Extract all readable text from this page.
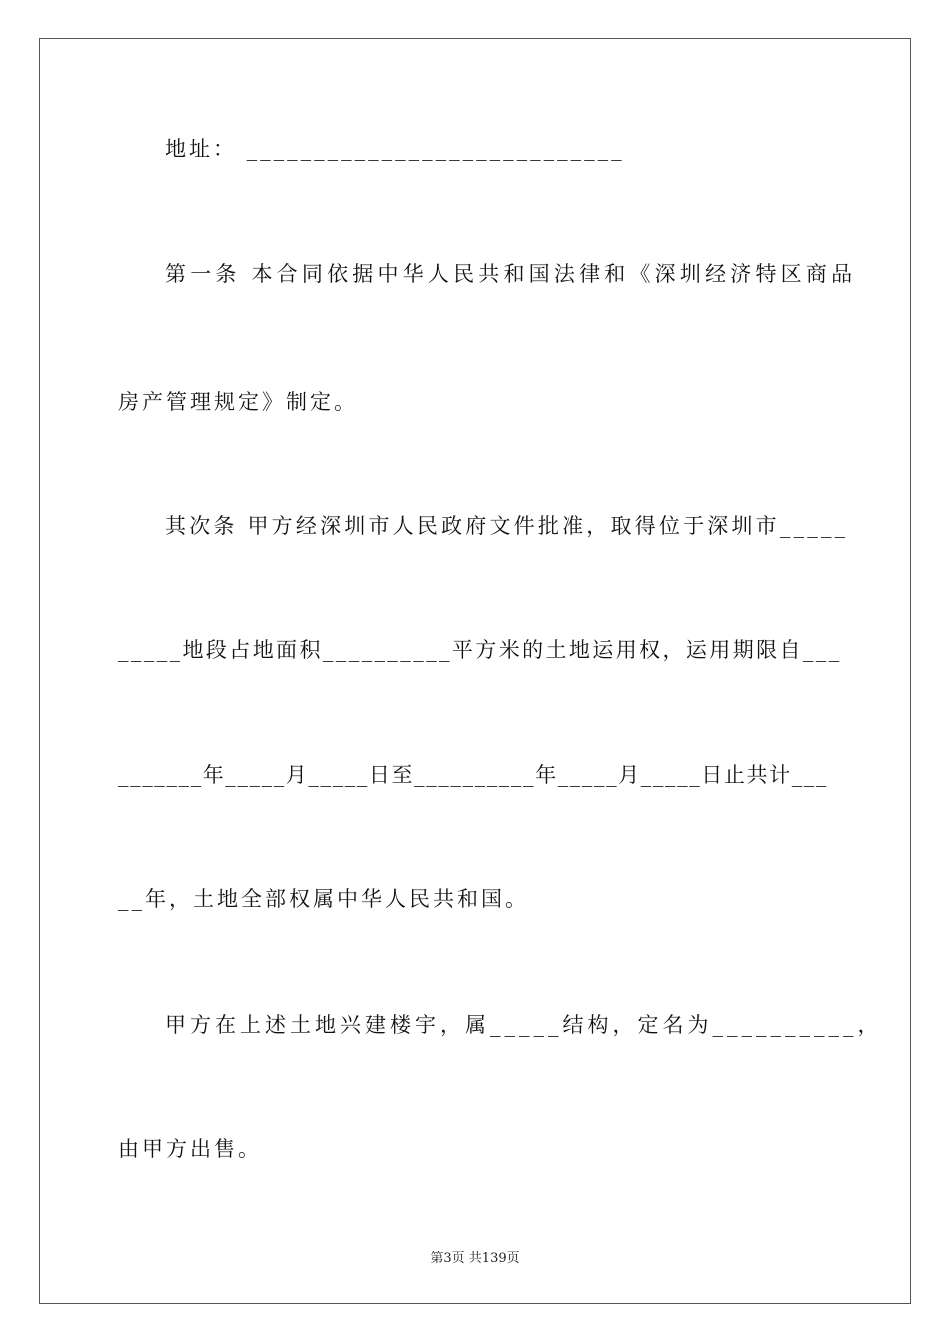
地址： ____________________________
第一条 本合同依据中华人民共和国法律和《深圳经济特区商品
房产管理规定》制定。
其次条 甲方经深圳市人民政府文件批准，取得位于深圳市_____
_____地段占地面积__________平方米的土地运用权，运用期限自___
_______年_____月_____日至__________年_____月_____日止共计___
__年，土地全部权属中华人民共和国。
甲方在上述土地兴建楼宇，属_____结构，定名为__________，
由甲方出售。
第3页 共139页
